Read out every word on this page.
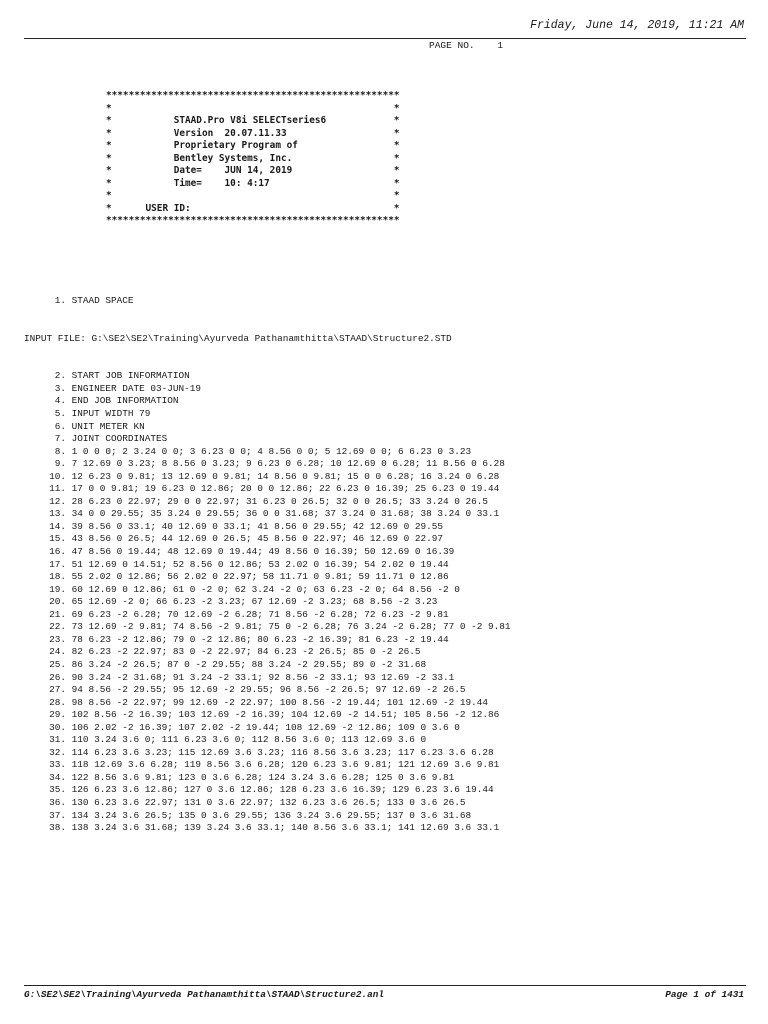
Friday, June 14, 2019, 11:21 AM
PAGE NO. 1
****************************************************
*                                                  *
*           STAAD.Pro V8i SELECTseries6            *
*           Version  20.07.11.33                   *
*           Proprietary Program of                 *
*           Bentley Systems, Inc.                  *
*           Date=    JUN 14, 2019                  *
*           Time=    10: 4:17                      *
*                                                  *
*      USER ID:                                    *
****************************************************

1. STAAD SPACE

INPUT FILE: G:\SE2\SE2\Training\Ayurveda Pathanamthitta\STAAD\Structure2.STD

2. START JOB INFORMATION
3. ENGINEER DATE 03-JUN-19
4. END JOB INFORMATION
5. INPUT WIDTH 79
6. UNIT METER KN
7. JOINT COORDINATES
8. 1 0 0 0; 2 3.24 0 0; 3 6.23 0 0; 4 8.56 0 0; 5 12.69 0 0; 6 6.23 0 3.23
9. 7 12.69 0 3.23; 8 8.56 0 3.23; 9 6.23 0 6.28; 10 12.69 0 6.28; 11 8.56 0 6.28
10. 12 6.23 0 9.81; 13 12.69 0 9.81; 14 8.56 0 9.81; 15 0 0 6.28; 16 3.24 0 6.28
11. 17 0 0 9.81; 19 6.23 0 12.86; 20 0 0 12.86; 22 6.23 0 16.39; 25 6.23 0 19.44
12. 28 6.23 0 22.97; 29 0 0 22.97; 31 6.23 0 26.5; 32 0 0 26.5; 33 3.24 0 26.5
13. 34 0 0 29.55; 35 3.24 0 29.55; 36 0 0 31.68; 37 3.24 0 31.68; 38 3.24 0 33.1
14. 39 8.56 0 33.1; 40 12.69 0 33.1; 41 8.56 0 29.55; 42 12.69 0 29.55
15. 43 8.56 0 26.5; 44 12.69 0 26.5; 45 8.56 0 22.97; 46 12.69 0 22.97
16. 47 8.56 0 19.44; 48 12.69 0 19.44; 49 8.56 0 16.39; 50 12.69 0 16.39
17. 51 12.69 0 14.51; 52 8.56 0 12.86; 53 2.02 0 16.39; 54 2.02 0 19.44
18. 55 2.02 0 12.86; 56 2.02 0 22.97; 58 11.71 0 9.81; 59 11.71 0 12.86
19. 60 12.69 0 12.86; 61 0 -2 0; 62 3.24 -2 0; 63 6.23 -2 0; 64 8.56 -2 0
20. 65 12.69 -2 0; 66 6.23 -2 3.23; 67 12.69 -2 3.23; 68 8.56 -2 3.23
21. 69 6.23 -2 6.28; 70 12.69 -2 6.28; 71 8.56 -2 6.28; 72 6.23 -2 9.81
22. 73 12.69 -2 9.81; 74 8.56 -2 9.81; 75 0 -2 6.28; 76 3.24 -2 6.28; 77 0 -2 9.81
23. 78 6.23 -2 12.86; 79 0 -2 12.86; 80 6.23 -2 16.39; 81 6.23 -2 19.44
24. 82 6.23 -2 22.97; 83 0 -2 22.97; 84 6.23 -2 26.5; 85 0 -2 26.5
25. 86 3.24 -2 26.5; 87 0 -2 29.55; 88 3.24 -2 29.55; 89 0 -2 31.68
26. 90 3.24 -2 31.68; 91 3.24 -2 33.1; 92 8.56 -2 33.1; 93 12.69 -2 33.1
27. 94 8.56 -2 29.55; 95 12.69 -2 29.55; 96 8.56 -2 26.5; 97 12.69 -2 26.5
28. 98 8.56 -2 22.97; 99 12.69 -2 22.97; 100 8.56 -2 19.44; 101 12.69 -2 19.44
29. 102 8.56 -2 16.39; 103 12.69 -2 16.39; 104 12.69 -2 14.51; 105 8.56 -2 12.86
30. 106 2.02 -2 16.39; 107 2.02 -2 19.44; 108 12.69 -2 12.86; 109 0 3.6 0
31. 110 3.24 3.6 0; 111 6.23 3.6 0; 112 8.56 3.6 0; 113 12.69 3.6 0
32. 114 6.23 3.6 3.23; 115 12.69 3.6 3.23; 116 8.56 3.6 3.23; 117 6.23 3.6 6.28
33. 118 12.69 3.6 6.28; 119 8.56 3.6 6.28; 120 6.23 3.6 9.81; 121 12.69 3.6 9.81
34. 122 8.56 3.6 9.81; 123 0 3.6 6.28; 124 3.24 3.6 6.28; 125 0 3.6 9.81
35. 126 6.23 3.6 12.86; 127 0 3.6 12.86; 128 6.23 3.6 16.39; 129 6.23 3.6 19.44
36. 130 6.23 3.6 22.97; 131 0 3.6 22.97; 132 6.23 3.6 26.5; 133 0 3.6 26.5
37. 134 3.24 3.6 26.5; 135 0 3.6 29.55; 136 3.24 3.6 29.55; 137 0 3.6 31.68
38. 138 3.24 3.6 31.68; 139 3.24 3.6 33.1; 140 8.56 3.6 33.1; 141 12.69 3.6 33.1

G:\SE2\SE2\Training\Ayurveda Pathanamthitta\STAAD\Structure2.anl	Page 1 of 1431
